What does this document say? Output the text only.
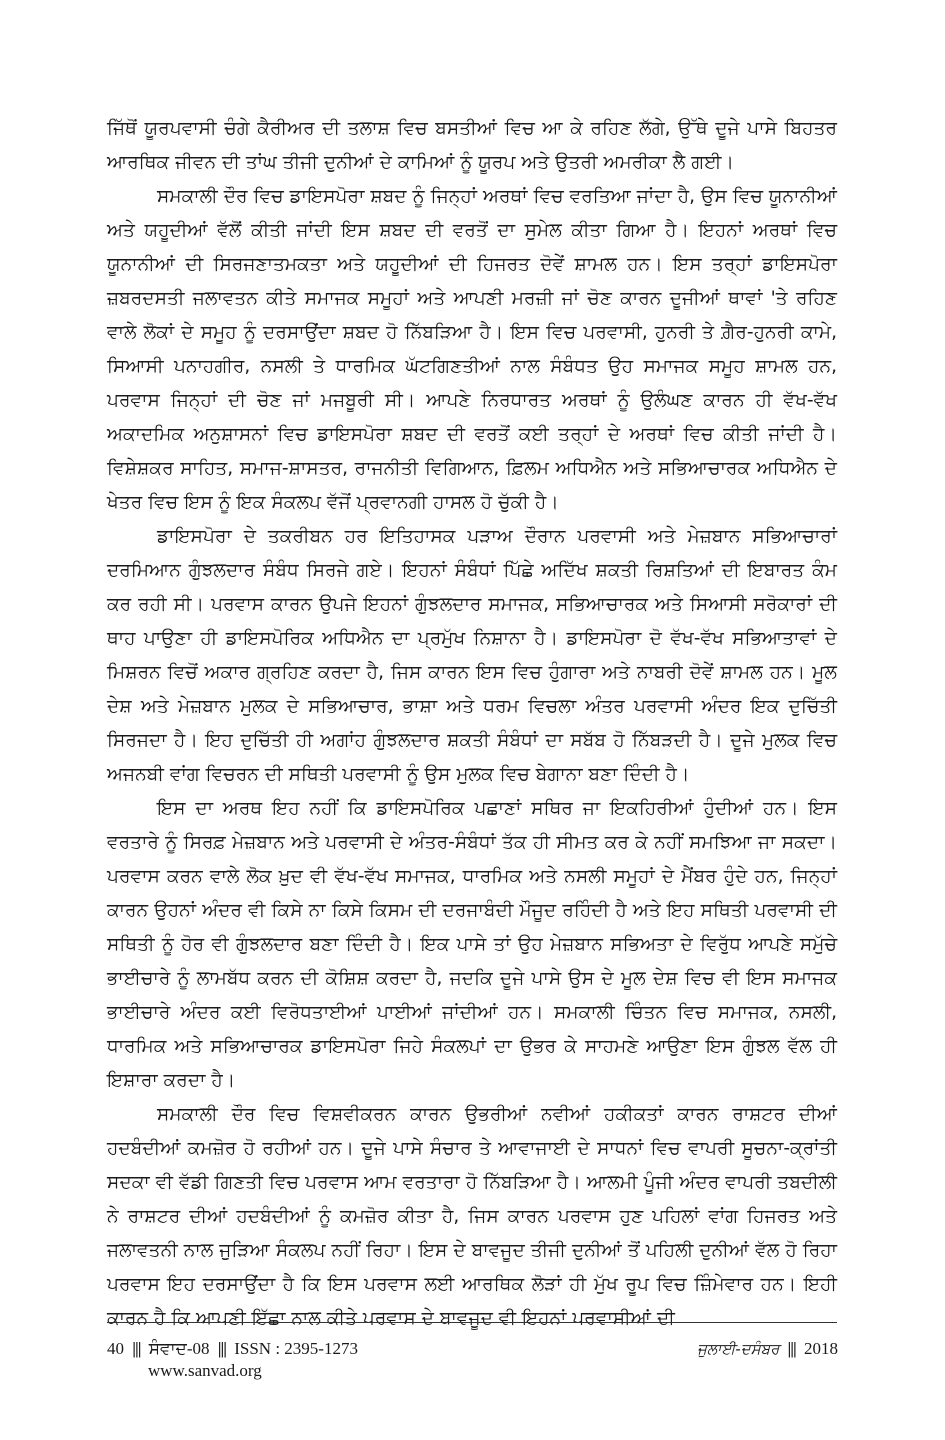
ਜਿੱਥੋਂ ਯੂਰਪਵਾਸੀ ਚੰਗੇ ਕੈਰੀਅਰ ਦੀ ਤਲਾਸ਼ ਵਿਚ ਬਸਤੀਆਂ ਵਿਚ ਆ ਕੇ ਰਹਿਣ ਲੱਗੇ, ਉੱਥੇ ਦੂਜੇ ਪਾਸੇ ਬਿਹਤਰ ਆਰਥਿਕ ਜੀਵਨ ਦੀ ਤਾਂਘ ਤੀਜੀ ਦੁਨੀਆਂ ਦੇ ਕਾਮਿਆਂ ਨੂੰ ਯੂਰਪ ਅਤੇ ਉਤਰੀ ਅਮਰੀਕਾ ਲੈ ਗਈ।

ਸਮਕਾਲੀ ਦੌਰ ਵਿਚ ਡਾਇਸਪੋਰਾ ਸ਼ਬਦ ਨੂੰ ਜਿਨ੍ਹਾਂ ਅਰਥਾਂ ਵਿਚ ਵਰਤਿਆ ਜਾਂਦਾ ਹੈ, ਉਸ ਵਿਚ ਯੂਨਾਨੀਆਂ ਅਤੇ ਯਹੂਦੀਆਂ ਵੱਲੋਂ ਕੀਤੀ ਜਾਂਦੀ ਇਸ ਸ਼ਬਦ ਦੀ ਵਰਤੋਂ ਦਾ ਸੁਮੇਲ ਕੀਤਾ ਗਿਆ ਹੈ। ਇਹਨਾਂ ਅਰਥਾਂ ਵਿਚ ਯੂਨਾਨੀਆਂ ਦੀ ਸਿਰਜਣਾਤਮਕਤਾ ਅਤੇ ਯਹੂਦੀਆਂ ਦੀ ਹਿਜਰਤ ਦੋਵੇਂ ਸ਼ਾਮਲ ਹਨ। ਇਸ ਤਰ੍ਹਾਂ ਡਾਇਸਪੋਰਾ ਜ਼ਬਰਦਸਤੀ ਜਲਾਵਤਨ ਕੀਤੇ ਸਮਾਜਕ ਸਮੂਹਾਂ ਅਤੇ ਆਪਣੀ ਮਰਜ਼ੀ ਜਾਂ ਚੋਣ ਕਾਰਨ ਦੂਜੀਆਂ ਥਾਵਾਂ 'ਤੇ ਰਹਿਣ ਵਾਲੇ ਲੋਕਾਂ ਦੇ ਸਮੂਹ ਨੂੰ ਦਰਸਾਉਂਦਾ ਸ਼ਬਦ ਹੋ ਨਿੱਬੜਿਆ ਹੈ। ਇਸ ਵਿਚ ਪਰਵਾਸੀ, ਹੁਨਰੀ ਤੇ ਗ਼ੈਰ-ਹੁਨਰੀ ਕਾਮੇ, ਸਿਆਸੀ ਪਨਾਹਗੀਰ, ਨਸਲੀ ਤੇ ਧਾਰਮਿਕ ਘੱਟਗਿਣਤੀਆਂ ਨਾਲ ਸੰਬੰਧਤ ਉਹ ਸਮਾਜਕ ਸਮੂਹ ਸ਼ਾਮਲ ਹਨ, ਪਰਵਾਸ ਜਿਨ੍ਹਾਂ ਦੀ ਚੋਣ ਜਾਂ ਮਜਬੂਰੀ ਸੀ। ਆਪਣੇ ਨਿਰਧਾਰਤ ਅਰਥਾਂ ਨੂੰ ਉਲੰਘਣ ਕਾਰਨ ਹੀ ਵੱਖ-ਵੱਖ ਅਕਾਦਮਿਕ ਅਨੁਸ਼ਾਸਨਾਂ ਵਿਚ ਡਾਇਸਪੋਰਾ ਸ਼ਬਦ ਦੀ ਵਰਤੋਂ ਕਈ ਤਰ੍ਹਾਂ ਦੇ ਅਰਥਾਂ ਵਿਚ ਕੀਤੀ ਜਾਂਦੀ ਹੈ। ਵਿਸ਼ੇਸ਼ਕਰ ਸਾਹਿਤ, ਸਮਾਜ-ਸ਼ਾਸਤਰ, ਰਾਜਨੀਤੀ ਵਿਗਿਆਨ, ਫ਼ਿਲਮ ਅਧਿਐਨ ਅਤੇ ਸਭਿਆਚਾਰਕ ਅਧਿਐਨ ਦੇ ਖੇਤਰ ਵਿਚ ਇਸ ਨੂੰ ਇਕ ਸੰਕਲਪ ਵੱਜੋਂ ਪ੍ਰਵਾਨਗੀ ਹਾਸਲ ਹੋ ਚੁੱਕੀ ਹੈ।

ਡਾਇਸਪੋਰਾ ਦੇ ਤਕਰੀਬਨ ਹਰ ਇਤਿਹਾਸਕ ਪੜਾਅ ਦੌਰਾਨ ਪਰਵਾਸੀ ਅਤੇ ਮੇਜ਼ਬਾਨ ਸਭਿਆਚਾਰਾਂ ਦਰਮਿਆਨ ਗੁੰਝਲਦਾਰ ਸੰਬੰਧ ਸਿਰਜੇ ਗਏ। ਇਹਨਾਂ ਸੰਬੰਧਾਂ ਪਿੱਛੇ ਅਦਿੱਖ ਸ਼ਕਤੀ ਰਿਸ਼ਤਿਆਂ ਦੀ ਇਬਾਰਤ ਕੰਮ ਕਰ ਰਹੀ ਸੀ। ਪਰਵਾਸ ਕਾਰਨ ਉਪਜੇ ਇਹਨਾਂ ਗੁੰਝਲਦਾਰ ਸਮਾਜਕ, ਸਭਿਆਚਾਰਕ ਅਤੇ ਸਿਆਸੀ ਸਰੋਕਾਰਾਂ ਦੀ ਥਾਹ ਪਾਉਣਾ ਹੀ ਡਾਇਸਪੋਰਿਕ ਅਧਿਐਨ ਦਾ ਪ੍ਰਮੁੱਖ ਨਿਸ਼ਾਨਾ ਹੈ। ਡਾਇਸਪੋਰਾ ਦੋ ਵੱਖ-ਵੱਖ ਸਭਿਆਤਾਵਾਂ ਦੇ ਮਿਸ਼ਰਨ ਵਿਚੋਂ ਅਕਾਰ ਗ੍ਰਹਿਣ ਕਰਦਾ ਹੈ, ਜਿਸ ਕਾਰਨ ਇਸ ਵਿਚ ਹੁੰਗਾਰਾ ਅਤੇ ਨਾਬਰੀ ਦੋਵੇਂ ਸ਼ਾਮਲ ਹਨ। ਮੂਲ ਦੇਸ਼ ਅਤੇ ਮੇਜ਼ਬਾਨ ਮੁਲਕ ਦੇ ਸਭਿਆਚਾਰ, ਭਾਸ਼ਾ ਅਤੇ ਧਰਮ ਵਿਚਲਾ ਅੰਤਰ ਪਰਵਾਸੀ ਅੰਦਰ ਇਕ ਦੁਚਿੱਤੀ ਸਿਰਜਦਾ ਹੈ। ਇਹ ਦੁਚਿੱਤੀ ਹੀ ਅਗਾਂਹ ਗੁੰਝਲਦਾਰ ਸ਼ਕਤੀ ਸੰਬੰਧਾਂ ਦਾ ਸਬੱਬ ਹੋ ਨਿੱਬੜਦੀ ਹੈ। ਦੂਜੇ ਮੁਲਕ ਵਿਚ ਅਜਨਬੀ ਵਾਂਗ ਵਿਚਰਨ ਦੀ ਸਥਿਤੀ ਪਰਵਾਸੀ ਨੂੰ ਉਸ ਮੁਲਕ ਵਿਚ ਬੇਗਾਨਾ ਬਣਾ ਦਿੰਦੀ ਹੈ।

ਇਸ ਦਾ ਅਰਥ ਇਹ ਨਹੀਂ ਕਿ ਡਾਇਸਪੋਰਿਕ ਪਛਾਣਾਂ ਸਥਿਰ ਜਾ ਇਕਹਿਰੀਆਂ ਹੁੰਦੀਆਂ ਹਨ। ਇਸ ਵਰਤਾਰੇ ਨੂੰ ਸਿਰਫ਼ ਮੇਜ਼ਬਾਨ ਅਤੇ ਪਰਵਾਸੀ ਦੇ ਅੰਤਰ-ਸੰਬੰਧਾਂ ਤੱਕ ਹੀ ਸੀਮਤ ਕਰ ਕੇ ਨਹੀਂ ਸਮਝਿਆ ਜਾ ਸਕਦਾ। ਪਰਵਾਸ ਕਰਨ ਵਾਲੇ ਲੋਕ ਖ਼ੁਦ ਵੀ ਵੱਖ-ਵੱਖ ਸਮਾਜਕ, ਧਾਰਮਿਕ ਅਤੇ ਨਸਲੀ ਸਮੂਹਾਂ ਦੇ ਮੈਂਬਰ ਹੁੰਦੇ ਹਨ, ਜਿਨ੍ਹਾਂ ਕਾਰਨ ਉਹਨਾਂ ਅੰਦਰ ਵੀ ਕਿਸੇ ਨਾ ਕਿਸੇ ਕਿਸਮ ਦੀ ਦਰਜਾਬੰਦੀ ਮੌਜੂਦ ਰਹਿੰਦੀ ਹੈ ਅਤੇ ਇਹ ਸਥਿਤੀ ਪਰਵਾਸੀ ਦੀ ਸਥਿਤੀ ਨੂੰ ਹੋਰ ਵੀ ਗੁੰਝਲਦਾਰ ਬਣਾ ਦਿੰਦੀ ਹੈ। ਇਕ ਪਾਸੇ ਤਾਂ ਉਹ ਮੇਜ਼ਬਾਨ ਸਭਿਅਤਾ ਦੇ ਵਿਰੁੱਧ ਆਪਣੇ ਸਮੁੱਚੇ ਭਾਈਚਾਰੇ ਨੂੰ ਲਾਮਬੱਧ ਕਰਨ ਦੀ ਕੋਸ਼ਿਸ਼ ਕਰਦਾ ਹੈ, ਜਦਕਿ ਦੂਜੇ ਪਾਸੇ ਉਸ ਦੇ ਮੂਲ ਦੇਸ਼ ਵਿਚ ਵੀ ਇਸ ਸਮਾਜਕ ਭਾਈਚਾਰੇ ਅੰਦਰ ਕਈ ਵਿਰੋਧਤਾਈਆਂ ਪਾਈਆਂ ਜਾਂਦੀਆਂ ਹਨ। ਸਮਕਾਲੀ ਚਿੰਤਨ ਵਿਚ ਸਮਾਜਕ, ਨਸਲੀ, ਧਾਰਮਿਕ ਅਤੇ ਸਭਿਆਚਾਰਕ ਡਾਇਸਪੋਰਾ ਜਿਹੇ ਸੰਕਲਪਾਂ ਦਾ ਉਭਰ ਕੇ ਸਾਹਮਣੇ ਆਉਣਾ ਇਸ ਗੁੰਝਲ ਵੱਲ ਹੀ ਇਸ਼ਾਰਾ ਕਰਦਾ ਹੈ।

ਸਮਕਾਲੀ ਦੌਰ ਵਿਚ ਵਿਸ਼ਵੀਕਰਨ ਕਾਰਨ ਉਭਰੀਆਂ ਨਵੀਆਂ ਹਕੀਕਤਾਂ ਕਾਰਨ ਰਾਸ਼ਟਰ ਦੀਆਂ ਹਦਬੰਦੀਆਂ ਕਮਜ਼ੋਰ ਹੋ ਰਹੀਆਂ ਹਨ। ਦੂਜੇ ਪਾਸੇ ਸੰਚਾਰ ਤੇ ਆਵਾਜਾਈ ਦੇ ਸਾਧਨਾਂ ਵਿਚ ਵਾਪਰੀ ਸੂਚਨਾ-ਕ੍ਰਾਂਤੀ ਸਦਕਾ ਵੀ ਵੱਡੀ ਗਿਣਤੀ ਵਿਚ ਪਰਵਾਸ ਆਮ ਵਰਤਾਰਾ ਹੋ ਨਿੱਬੜਿਆ ਹੈ। ਆਲਮੀ ਪੂੰਜੀ ਅੰਦਰ ਵਾਪਰੀ ਤਬਦੀਲੀ ਨੇ ਰਾਸ਼ਟਰ ਦੀਆਂ ਹਦਬੰਦੀਆਂ ਨੂੰ ਕਮਜ਼ੋਰ ਕੀਤਾ ਹੈ, ਜਿਸ ਕਾਰਨ ਪਰਵਾਸ ਹੁਣ ਪਹਿਲਾਂ ਵਾਂਗ ਹਿਜਰਤ ਅਤੇ ਜਲਾਵਤਨੀ ਨਾਲ ਜੁੜਿਆ ਸੰਕਲਪ ਨਹੀਂ ਰਿਹਾ। ਇਸ ਦੇ ਬਾਵਜੂਦ ਤੀਜੀ ਦੁਨੀਆਂ ਤੋਂ ਪਹਿਲੀ ਦੁਨੀਆਂ ਵੱਲ ਹੋ ਰਿਹਾ ਪਰਵਾਸ ਇਹ ਦਰਸਾਉਂਦਾ ਹੈ ਕਿ ਇਸ ਪਰਵਾਸ ਲਈ ਆਰਥਿਕ ਲੋੜਾਂ ਹੀ ਮੁੱਖ ਰੂਪ ਵਿਚ ਜ਼ਿੰਮੇਵਾਰ ਹਨ। ਇਹੀ ਕਾਰਨ ਹੈ ਕਿ ਆਪਣੀ ਇੱਛਾ ਨਾਲ ਕੀਤੇ ਪਰਵਾਸ ਦੇ ਬਾਵਜੂਦ ਵੀ ਇਹਨਾਂ ਪਰਵਾਸੀਆਂ ਦੀ

40 ||| ਸੰਵਾਦ-08 ||| ISSN : 2395-1273
www.sanvad.org
ਜੁਲਾਈ-ਦਸੰਬਰ ||| 2018
